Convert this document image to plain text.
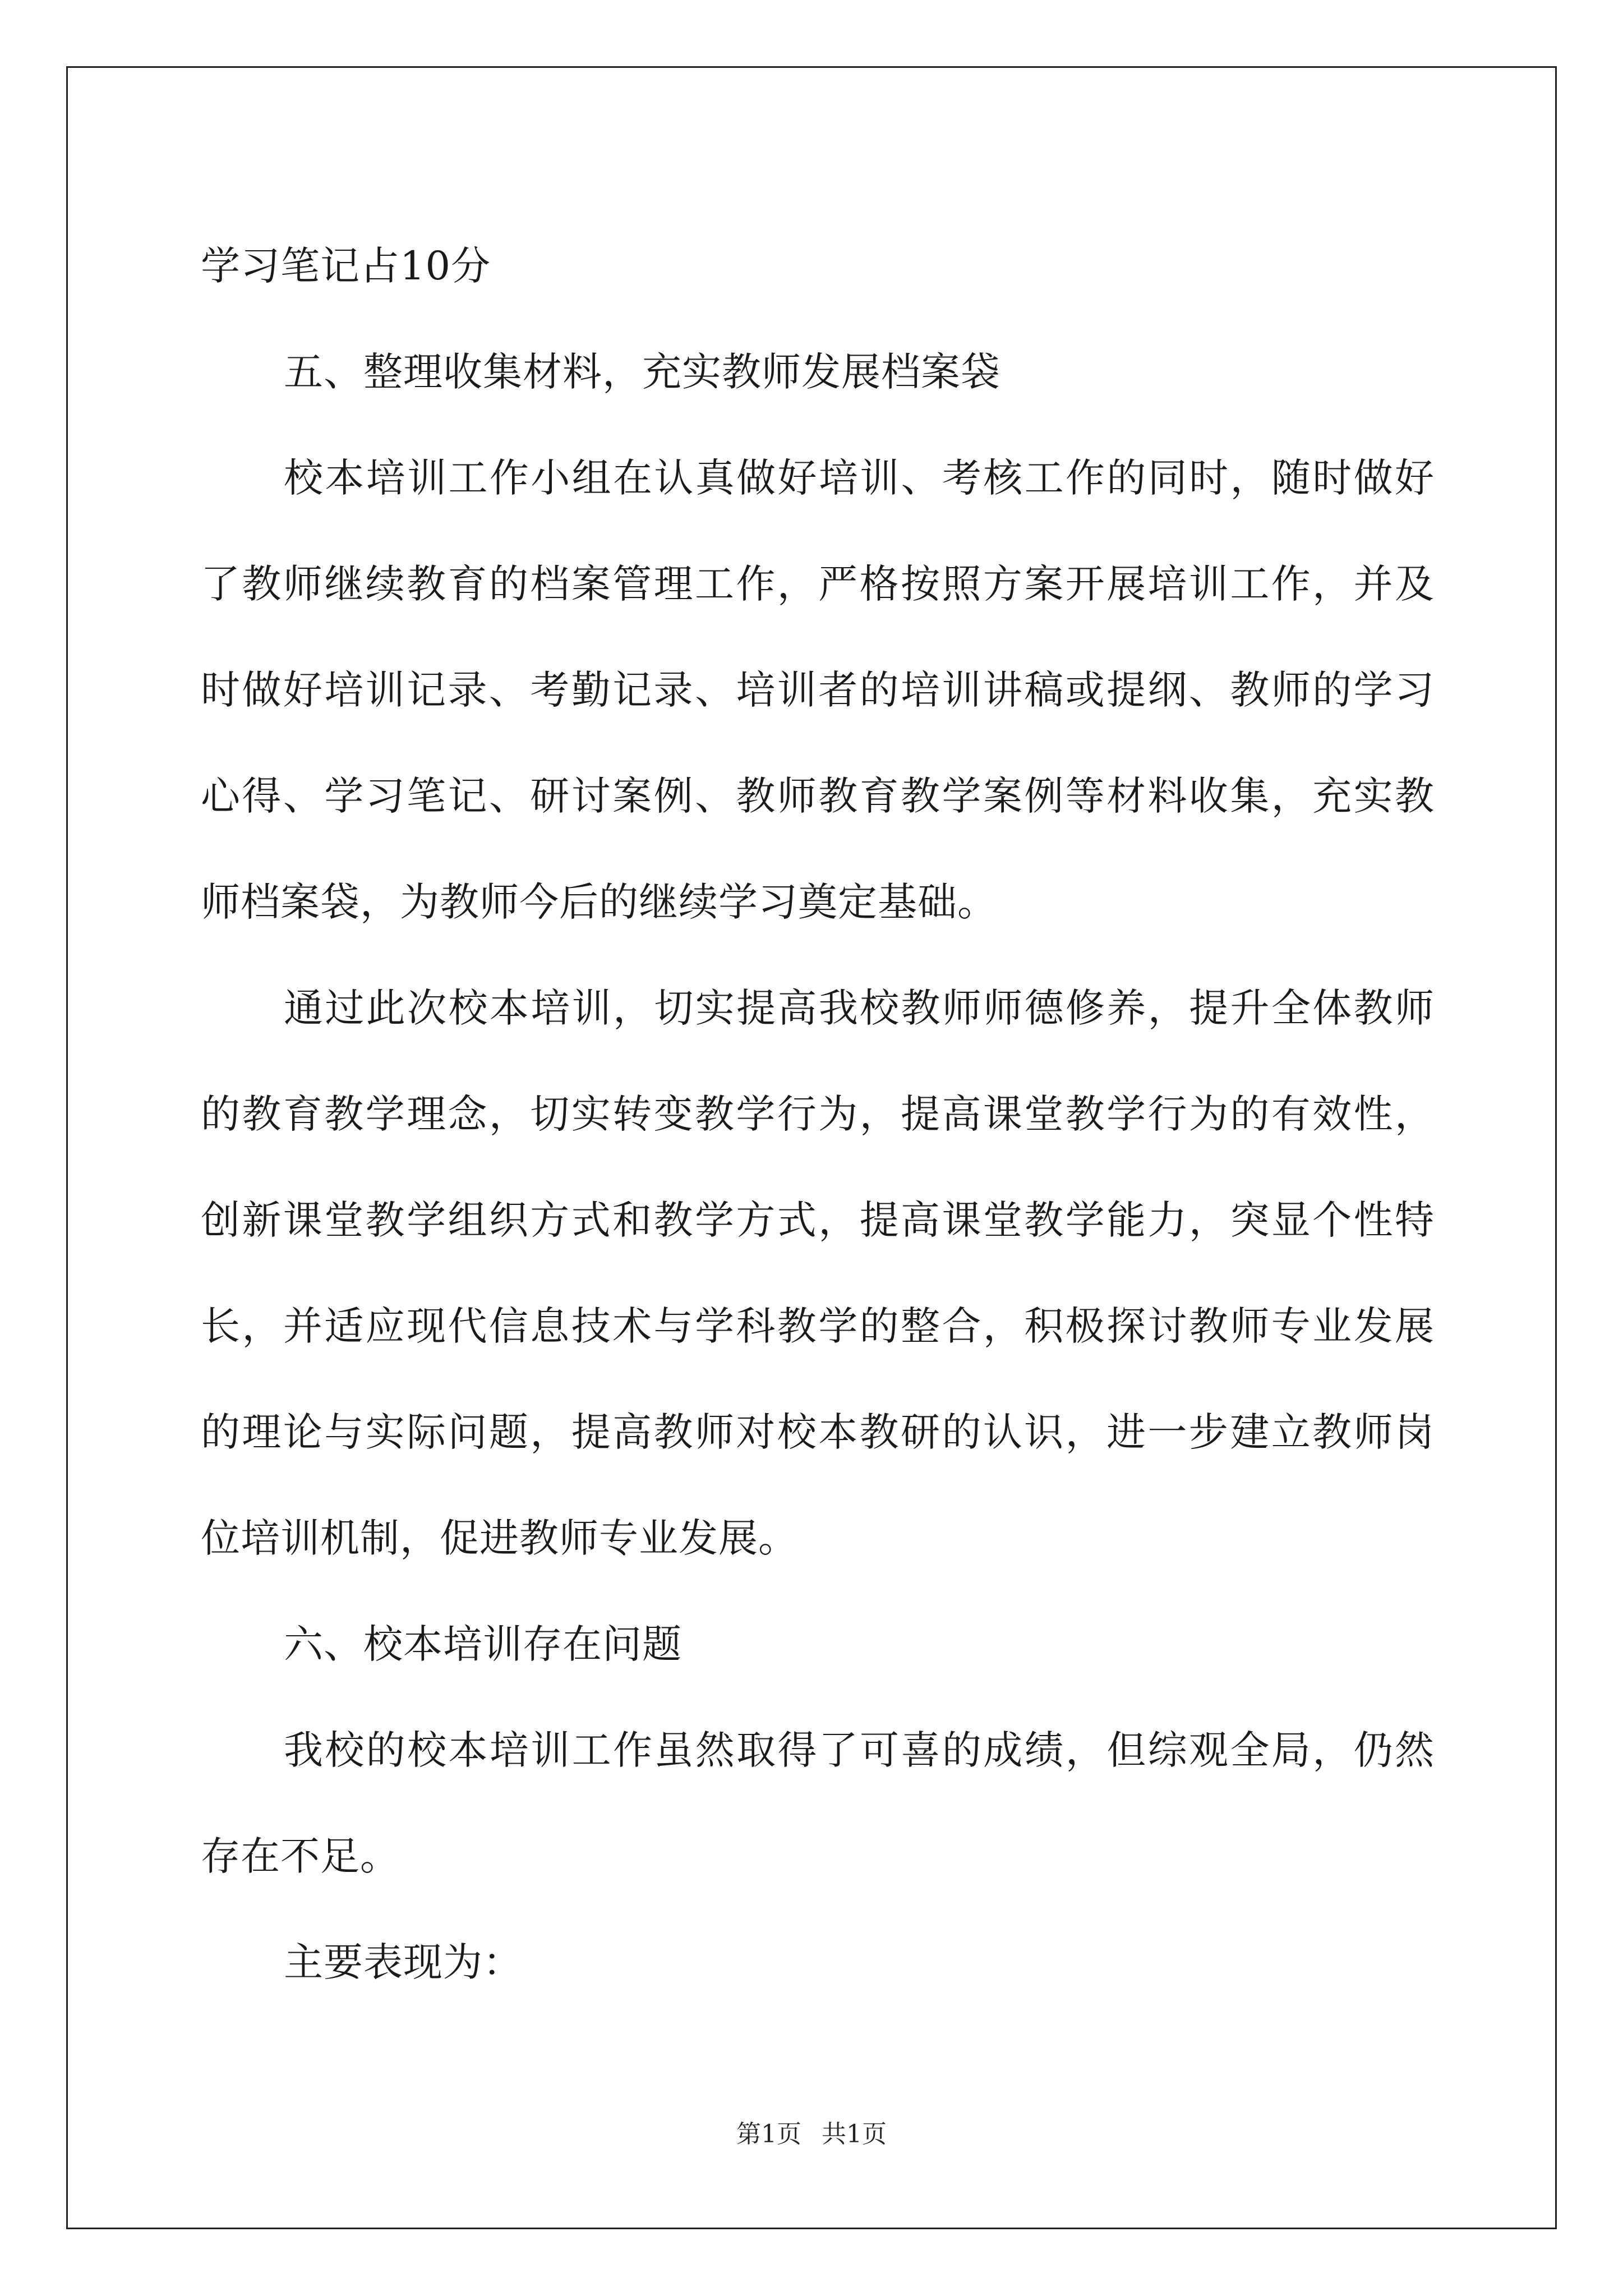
学习笔记占10分

五、整理收集材料，充实教师发展档案袋

校本培训工作小组在认真做好培训、考核工作的同时，随时做好了教师继续教育的档案管理工作，严格按照方案开展培训工作，并及时做好培训记录、考勤记录、培训者的培训讲稿或提纲、教师的学习心得、学习笔记、研讨案例、教师教育教学案例等材料收集，充实教师档案袋，为教师今后的继续学习奠定基础。

通过此次校本培训，切实提高我校教师师德修养，提升全体教师的教育教学理念，切实转变教学行为，提高课堂教学行为的有效性，创新课堂教学组织方式和教学方式，提高课堂教学能力，突显个性特长，并适应现代信息技术与学科教学的整合，积极探讨教师专业发展的理论与实际问题，提高教师对校本教研的认识，进一步建立教师岗位培训机制，促进教师专业发展。

六、校本培训存在问题

我校的校本培训工作虽然取得了可喜的成绩，但综观全局，仍然存在不足。

主要表现为：

第1页 共1页
